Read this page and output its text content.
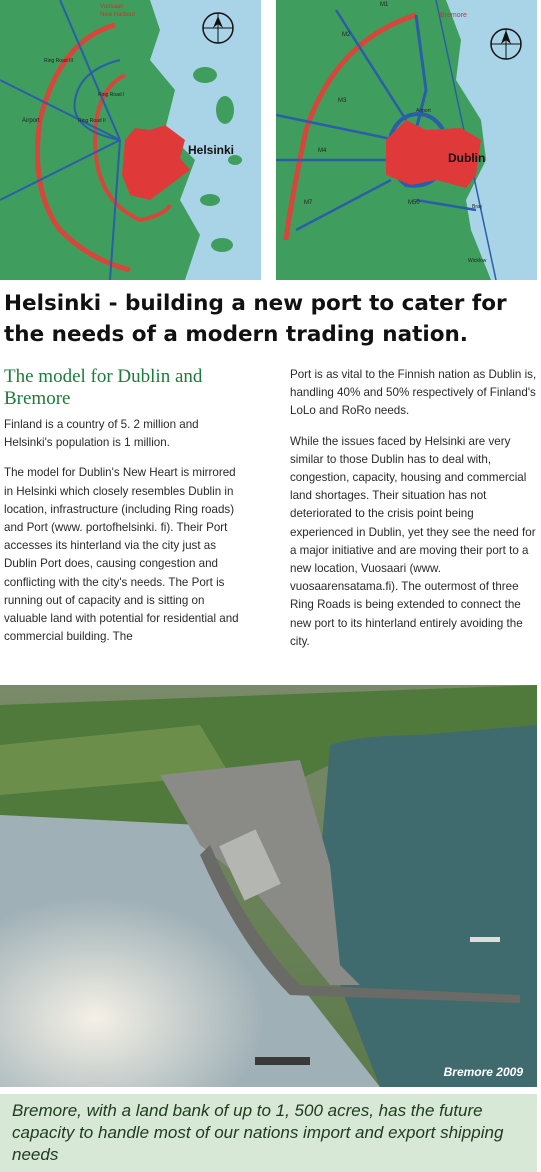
Helsinki
Vuosaari
New Harbour
Airport
Ring Road III
Ring Road II
Ring Road I
Dublin
Bremore
M1
M2
M3
M4
M7	M50
Airport
Bray
Wicklow
Helsinki - building a new port to cater for the needs of a modern trading nation.
The model for Dublin and Bremore

Finland is a country of 5. 2 million and Helsinki's population is 1 million.

The model for Dublin's New Heart is mirrored in Helsinki which closely resembles Dublin in location, infrastructure (including Ring roads) and Port (www. portofhelsinki. fi). Their Port accesses its hinterland via the city just as Dublin Port does, causing congestion and conflicting with the city's needs. The Port is running out of capacity and is sitting on valuable land with potential for residential and commercial building. The

Port is as vital to the Finnish nation as Dublin is, handling 40% and 50% respectively of Finland's LoLo and RoRo needs.

While the issues faced by Helsinki are very similar to those Dublin has to deal with, congestion, capacity, housing and commercial land shortages. Their situation has not deteriorated to the crisis point being experienced in Dublin, yet they see the need for a major initiative and are moving their port to a new location, Vuosaari (www. vuosaarensatama.fi). The outermost of three Ring Roads is being extended to connect the new port to its hinterland entirely avoiding the city.

Bremore 2009
Bremore, with a land bank of up to 1, 500 acres, has the future capacity to handle most of our nations import and export shipping needs
